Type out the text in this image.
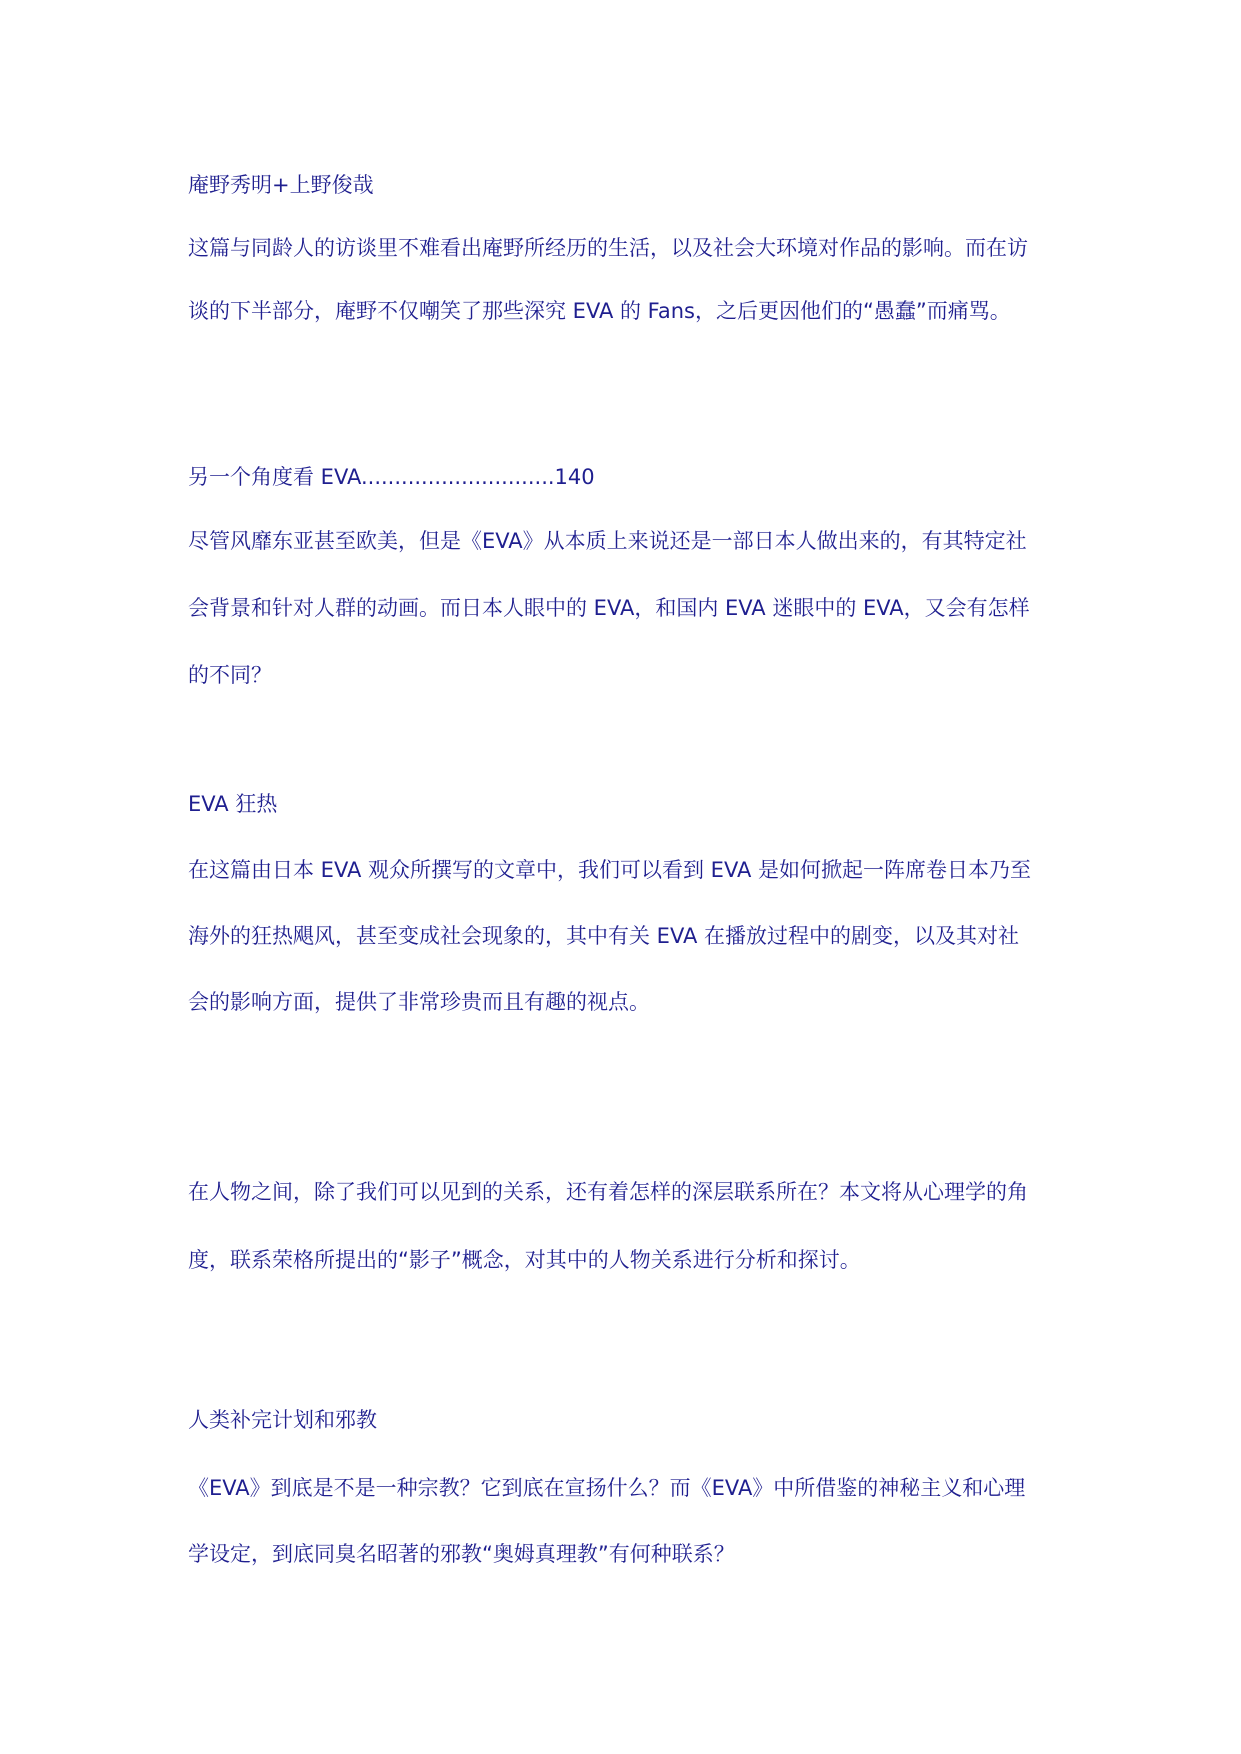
庵野秀明+上野俊哉
这篇与同龄人的访谈里不难看出庵野所经历的生活，以及社会大环境对作品的影响。而在访
谈的下半部分，庵野不仅嘲笑了那些深究 EVA 的 Fans，之后更因他们的“愚蠢”而痛骂。
另一个角度看 EVA.............................140
尽管风靡东亚甚至欧美，但是《EVA》从本质上来说还是一部日本人做出来的，有其特定社
会背景和针对人群的动画。而日本人眼中的 EVA，和国内 EVA 迷眼中的 EVA，又会有怎样
的不同？
EVA 狂热
在这篇由日本 EVA 观众所撰写的文章中，我们可以看到 EVA 是如何掀起一阵席卷日本乃至
海外的狂热飓风，甚至变成社会现象的，其中有关 EVA 在播放过程中的剧变，以及其对社
会的影响方面，提供了非常珍贵而且有趣的视点。
在人物之间，除了我们可以见到的关系，还有着怎样的深层联系所在？本文将从心理学的角
度，联系荣格所提出的“影子”概念，对其中的人物关系进行分析和探讨。
人类补完计划和邪教
《EVA》到底是不是一种宗教？它到底在宣扬什么？而《EVA》中所借鉴的神秘主义和心理
学设定，到底同臭名昭著的邪教“奥姆真理教”有何种联系？
